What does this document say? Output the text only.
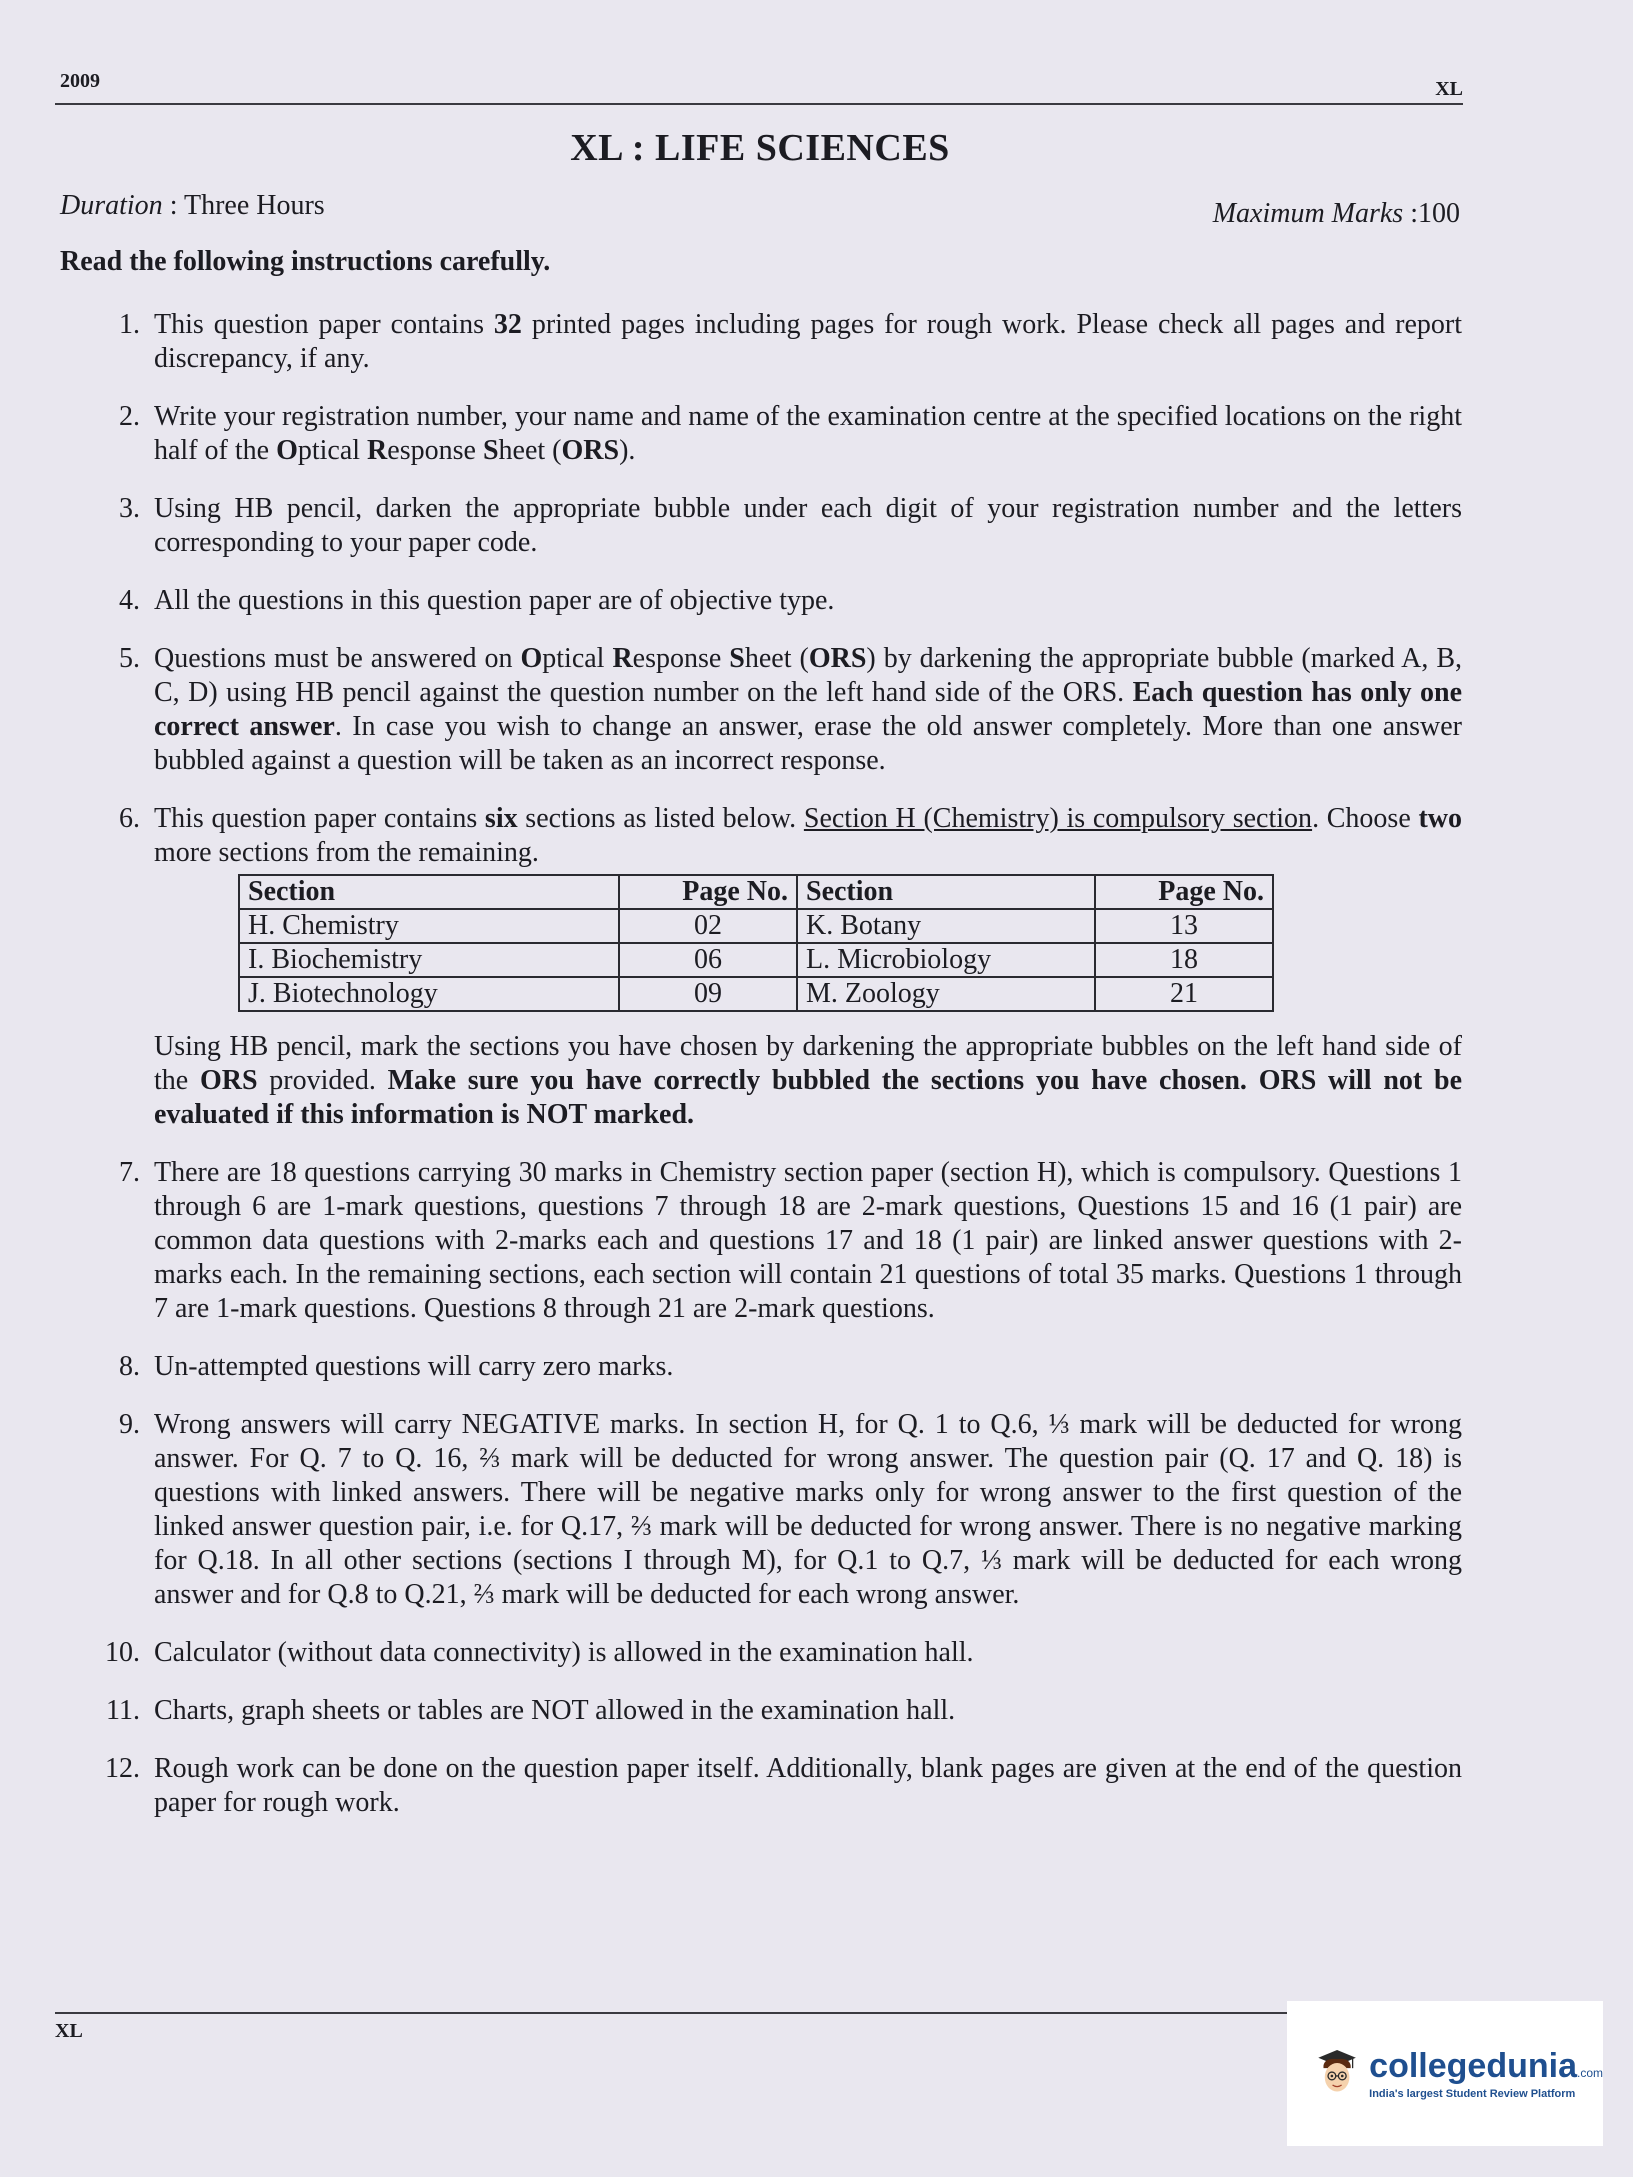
2009	XL
XL : LIFE SCIENCES
Duration : Three Hours	Maximum Marks :100
Read the following instructions carefully.
1. This question paper contains 32 printed pages including pages for rough work. Please check all pages and report discrepancy, if any.
2. Write your registration number, your name and name of the examination centre at the specified locations on the right half of the Optical Response Sheet (ORS).
3. Using HB pencil, darken the appropriate bubble under each digit of your registration number and the letters corresponding to your paper code.
4. All the questions in this question paper are of objective type.
5. Questions must be answered on Optical Response Sheet (ORS) by darkening the appropriate bubble (marked A, B, C, D) using HB pencil against the question number on the left hand side of the ORS. Each question has only one correct answer. In case you wish to change an answer, erase the old answer completely. More than one answer bubbled against a question will be taken as an incorrect response.
6. This question paper contains six sections as listed below. Section H (Chemistry) is compulsory section. Choose two more sections from the remaining.
Section	Page No.	Section	Page No.
H. Chemistry	02	K. Botany	13
I. Biochemistry	06	L. Microbiology	18
J. Biotechnology	09	M. Zoology	21
Using HB pencil, mark the sections you have chosen by darkening the appropriate bubbles on the left hand side of the ORS provided. Make sure you have correctly bubbled the sections you have chosen. ORS will not be evaluated if this information is NOT marked.
7. There are 18 questions carrying 30 marks in Chemistry section paper (section H), which is compulsory. Questions 1 through 6 are 1-mark questions, questions 7 through 18 are 2-mark questions, Questions 15 and 16 (1 pair) are common data questions with 2-marks each and questions 17 and 18 (1 pair) are linked answer questions with 2-marks each. In the remaining sections, each section will contain 21 questions of total 35 marks. Questions 1 through 7 are 1-mark questions. Questions 8 through 21 are 2-mark questions.
8. Un-attempted questions will carry zero marks.
9. Wrong answers will carry NEGATIVE marks. In section H, for Q. 1 to Q.6, ⅓ mark will be deducted for wrong answer. For Q. 7 to Q. 16, ⅔ mark will be deducted for wrong answer. The question pair (Q. 17 and Q. 18) is questions with linked answers. There will be negative marks only for wrong answer to the first question of the linked answer question pair, i.e. for Q.17, ⅔ mark will be deducted for wrong answer. There is no negative marking for Q.18. In all other sections (sections I through M), for Q.1 to Q.7, ⅓ mark will be deducted for each wrong answer and for Q.8 to Q.21, ⅔ mark will be deducted for each wrong answer.
10. Calculator (without data connectivity) is allowed in the examination hall.
11. Charts, graph sheets or tables are NOT allowed in the examination hall.
12. Rough work can be done on the question paper itself. Additionally, blank pages are given at the end of the question paper for rough work.
XL
collegedunia.com
India's largest Student Review Platform
